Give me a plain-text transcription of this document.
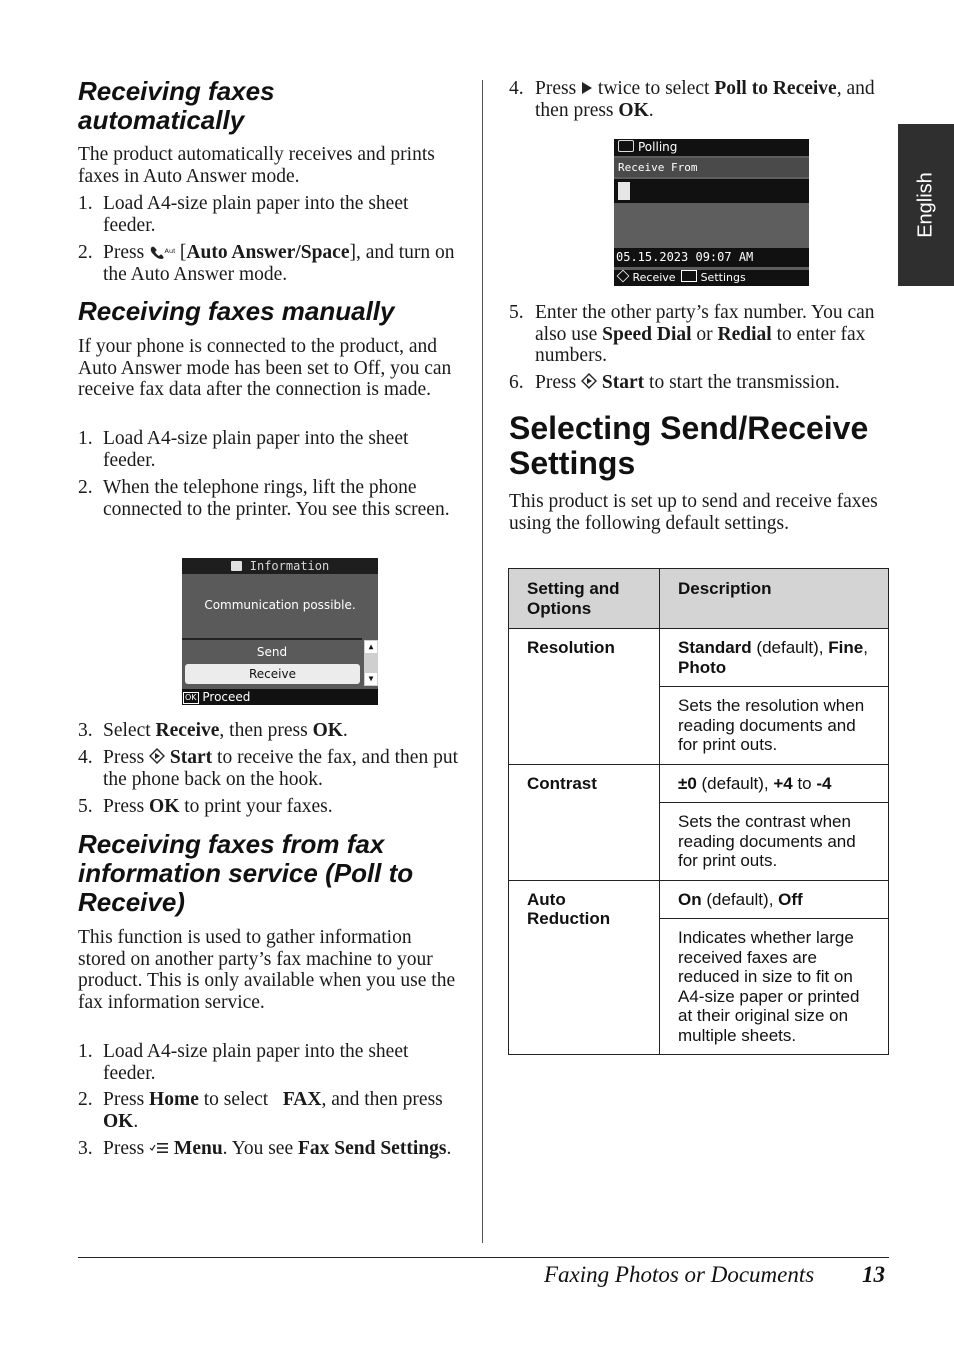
English
Receiving faxes
automatically

The product automatically receives and prints faxes in Auto Answer mode.

1. Load A4-size plain paper into the sheet feeder.
2. Press	Au [Auto Answer/Space], and turn on the Auto Answer mode.
Receiving faxes manually

If your phone is connected to the product, and Auto Answer mode has been set to Off, you can receive fax data after the connection is made.

1. Load A4-size plain paper into the sheet feeder.
2. When the telephone rings, lift the phone connected to the printer. You see this screen.
Information
Communication possible.
Send
Receive
▲
▼
OK Proceed
3. Select Receive, then press OK.
4. Press Start to receive the fax, and then put the phone back on the hook.
5. Press OK to print your faxes.
Receiving faxes from fax
information service (Poll to
Receive)

This function is used to gather information stored on another party’s fax machine to your product. This is only available when you use the fax information service.

1. Load A4-size plain paper into the sheet feeder.
2. Press Home to select FAX, and then press OK.
3. Press Menu. You see Fax Send Settings.
4. Press twice to select Poll to Receive, and then press OK.
Polling
Receive From
05.15.2023 09:07 AM
Receive Settings
5. Enter the other party’s fax number. You can also use Speed Dial or Redial to enter fax numbers.
6. Press Start to start the transmission.
Selecting Send/Receive
Settings

This product is set up to send and receive faxes using the following default settings.

Setting and Options	Description

Resolution	Standard (default), Fine, Photo

	Sets the resolution when reading documents and for print outs.

Contrast	±0 (default), +4 to -4

	Sets the contrast when reading documents and for print outs.

Auto Reduction	On (default), Off

	Indicates whether large received faxes are reduced in size to fit on A4-size paper or printed at their original size on multiple sheets.
Faxing Photos or Documents 13
